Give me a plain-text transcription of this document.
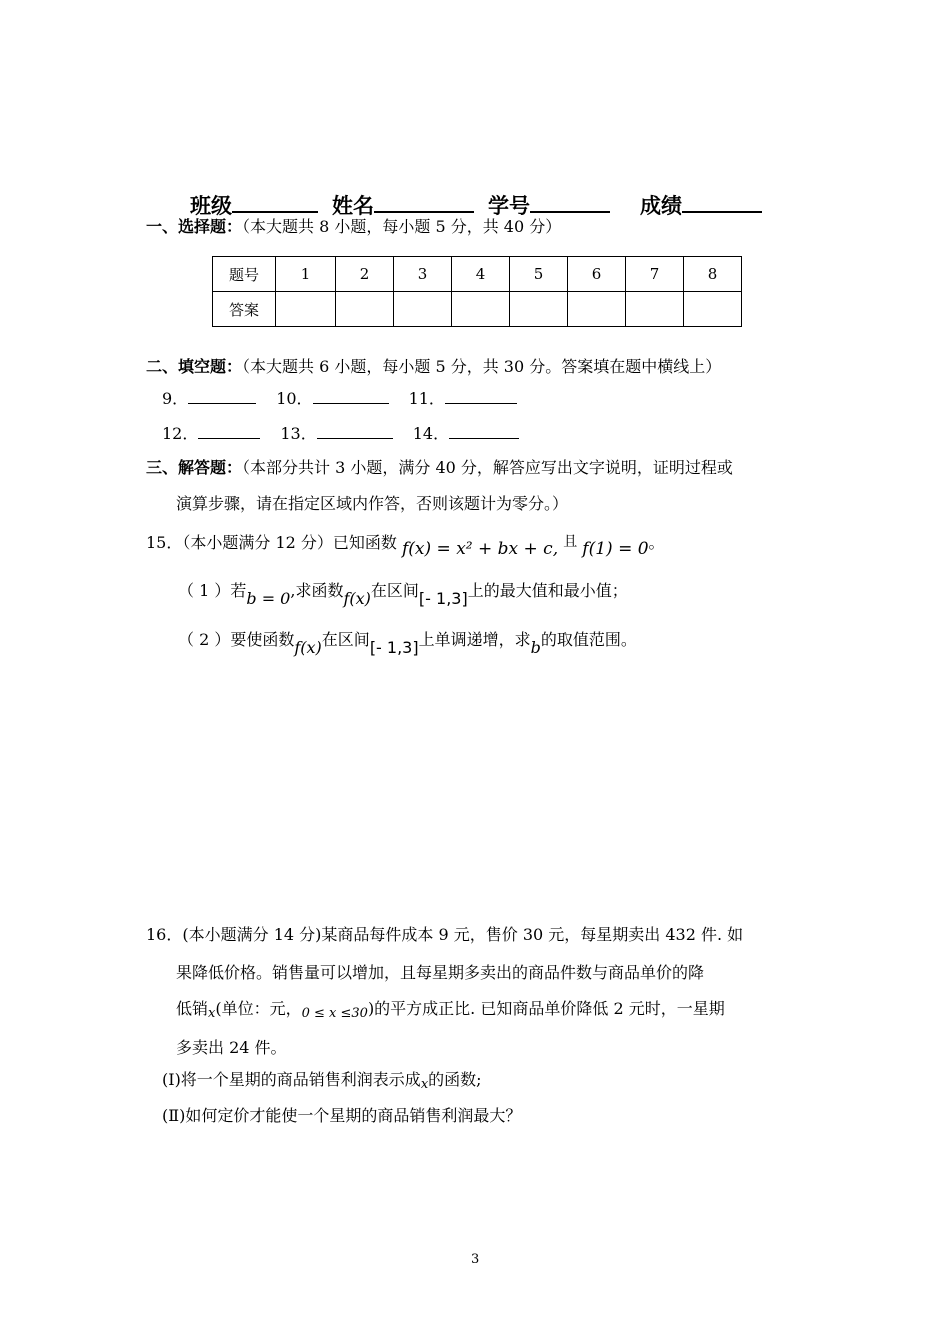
班级	姓名	学号	成绩
一、选择题：（本大题共 8 小题，每小题 5 分，共 40 分）
题号	1	2	3	4	5	6	7	8
答案								
二、填空题：（本大题共 6 小题，每小题 5 分，共 30 分。答案填在题中横线上）
9．	10．	11．
12．	13．	14．
三、解答题：（本部分共计 3 小题，满分 40 分，解答应写出文字说明，证明过程或
演算步骤，请在指定区域内作答，否则该题计为零分。）
15．（本小题满分 12 分）已知函数 f(x) = x² + bx + c, 且 f(1) = 0。
（ 1 ）若b = 0,求函数f(x)在区间[- 1,3]上的最大值和最小值；
（ 2 ）要使函数f(x)在区间[- 1,3]上单调递增，求b的取值范围。
16．(本小题满分 14 分)某商品每件成本 9 元，售价 30 元，每星期卖出 432 件. 如
果降低价格。销售量可以增加，且每星期多卖出的商品件数与商品单价的降
低销x(单位：元，0 ≤ x ≤30)的平方成正比. 已知商品单价降低 2 元时，一星期
多卖出 24 件。
(Ⅰ)将一个星期的商品销售利润表示成x的函数;
(Ⅱ)如何定价才能使一个星期的商品销售利润最大？
3
